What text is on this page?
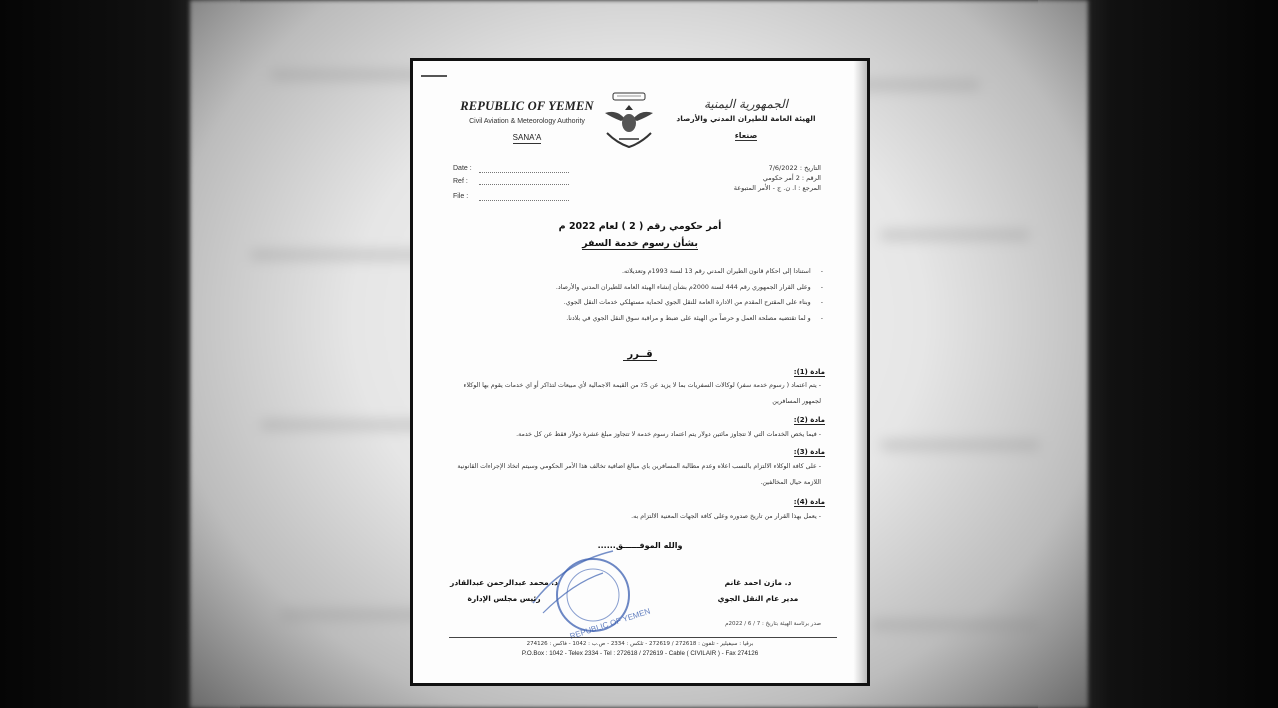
REPUBLIC OF YEMEN
Civil Aviation & Meteorology Authority
SANA'A
الجمهورية اليمنية
الهيئة العامة للطيران المدني والأرصاد
صنعاء
Date :
Ref :
File :
التاريخ : 7/6/2022
الرقم : 2 أمر حكومي
المرجع : ا. ن. ج - الأمر المتبوعة
أمر حكومي رقم ( 2 ) لعام 2022 م
بشأن رسوم خدمة السفر
- استنادا إلى احكام قانون الطيران المدني رقم 13 لسنة 1993م وتعديلاته.
- وعلى القرار الجمهوري رقم 444 لسنة 2000م بشأن إنشاء الهيئة العامة للطيران المدني والأرصاد.
- وبناء على المقترح المقدم من الادارة العامة للنقل الجوي لحماية مستهلكي خدمات النقل الجوي.
- و لما تقتضيه مصلحة العمل و حرصاً من الهيئة على ضبط و مراقبة سوق النقل الجوي في بلادنا.
قــرر
مادة (1):
- يتم اعتماد ( رسوم خدمة سفر) لوكالات السفريات بما لا يزيد عن 5٪ من القيمة الاجمالية لأي مبيعات لتذاكر أو اي خدمات يقوم بها الوكلاء لجمهور المسافرين
مادة (2):
- فيما يخص الخدمات التي لا تتجاوز مائتين دولار يتم اعتماد رسوم خدمة لا تتجاوز مبلغ عشرة دولار فقط عن كل خدمة.
مادة (3):
- على كافة الوكلاء الالتزام بالنسب اعلاه وعدم مطالبة المسافرين باي مبالغ اضافية تخالف هذا الأمر الحكومي وسيتم اتخاذ الإجراءات القانونية اللازمة حيال المخالفين.
مادة (4):
- يعمل بهذا القرار من تاريخ صدوره وعلى كافة الجهات المعنية الالتزام به.
والله الموفــــــق......
REPUBLIC OF YEMEN
د. محمد عبدالرحمن عبدالقادر
رئيس مجلس الإدارة
د. مازن احمد غانم
مدير عام النقل الجوي
صدر برئاسة الهيئة بتاريخ : 7 / 6 / 2022م
برقيا : سيفيلير - تلفون : 272618 / 272619 - تلكس : 2334 - ص.ب : 1042 - فاكس : 274126
P.O.Box : 1042 - Telex 2334 - Tel : 272618 / 272619 - Cable ( CIVILAIR ) - Fax 274126
